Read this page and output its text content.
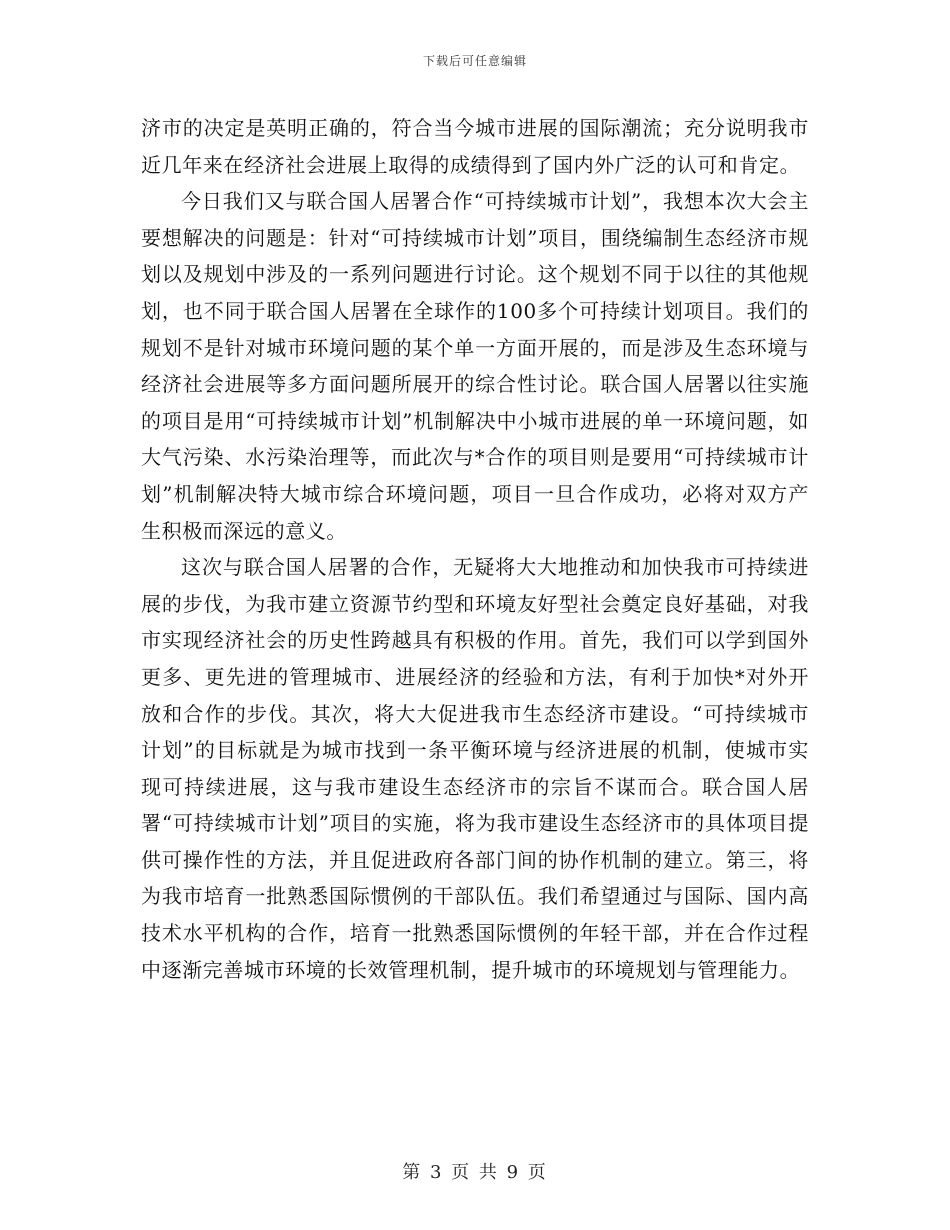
下载后可任意编辑

济市的决定是英明正确的，符合当今城市进展的国际潮流；充分说明我市近几年来在经济社会进展上取得的成绩得到了国内外广泛的认可和肯定。

今日我们又与联合国人居署合作“可持续城市计划”，我想本次大会主要想解决的问题是：针对“可持续城市计划”项目，围绕编制生态经济市规划以及规划中涉及的一系列问题进行讨论。这个规划不同于以往的其他规划，也不同于联合国人居署在全球作的100多个可持续计划项目。我们的规划不是针对城市环境问题的某个单一方面开展的，而是涉及生态环境与经济社会进展等多方面问题所展开的综合性讨论。联合国人居署以往实施的项目是用“可持续城市计划”机制解决中小城市进展的单一环境问题，如大气污染、水污染治理等，而此次与*合作的项目则是要用“可持续城市计划”机制解决特大城市综合环境问题，项目一旦合作成功，必将对双方产生积极而深远的意义。

这次与联合国人居署的合作，无疑将大大地推动和加快我市可持续进展的步伐，为我市建立资源节约型和环境友好型社会奠定良好基础，对我市实现经济社会的历史性跨越具有积极的作用。首先，我们可以学到国外更多、更先进的管理城市、进展经济的经验和方法，有利于加快*对外开放和合作的步伐。其次，将大大促进我市生态经济市建设。“可持续城市计划”的目标就是为城市找到一条平衡环境与经济进展的机制，使城市实现可持续进展，这与我市建设生态经济市的宗旨不谋而合。联合国人居署“可持续城市计划”项目的实施，将为我市建设生态经济市的具体项目提供可操作性的方法，并且促进政府各部门间的协作机制的建立。第三，将为我市培育一批熟悉国际惯例的干部队伍。我们希望通过与国际、国内高技术水平机构的合作，培育一批熟悉国际惯例的年轻干部，并在合作过程中逐渐完善城市环境的长效管理机制，提升城市的环境规划与管理能力。

第 3 页 共 9 页
